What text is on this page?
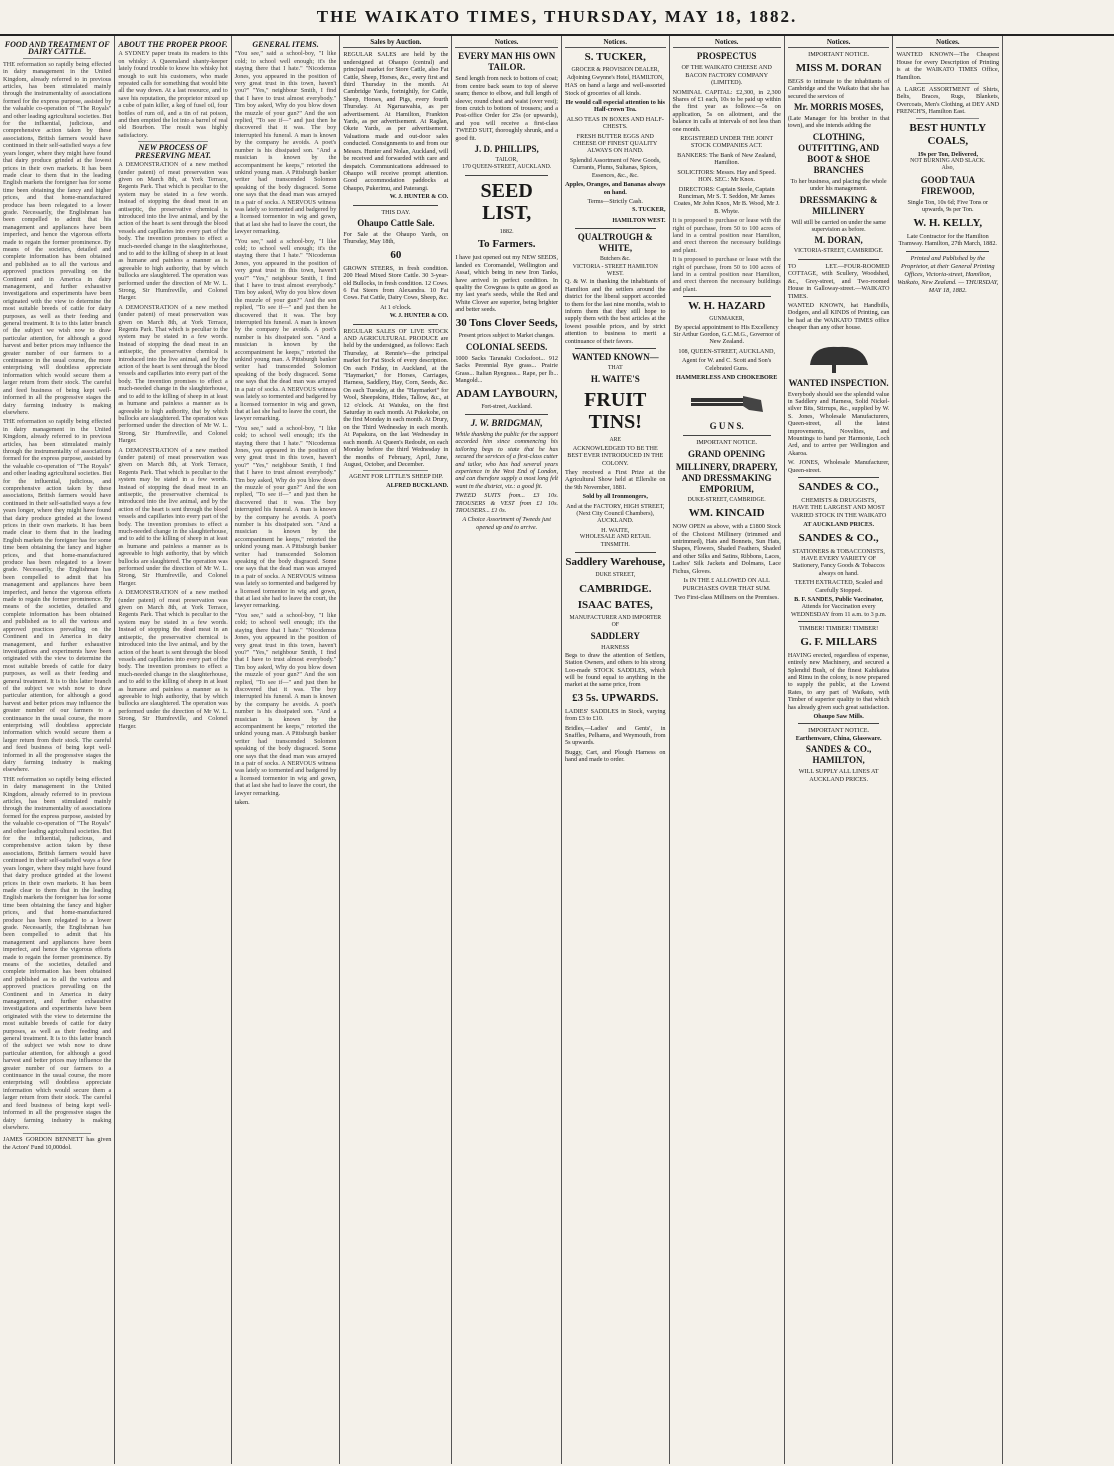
THE WAIKATO TIMES, THURSDAY, MAY 18, 1882.
FOOD AND TREATMENT OF DAIRY CATTLE.

THE reformation so rapidly being effected in dairy management in the United Kingdom, already referred to in previous articles, has been stimulated mainly through the instrumentality of associations formed for the express purpose, assisted by the valuable co-operation of "The Royals" and other leading agricultural societies. But for the influential, judicious, and comprehensive action taken by these associations, British farmers would have continued in their self-satisfied ways a few years longer, where they might have found that dairy produce grinded at the lowest prices in their own markets. It has been made clear to them that in the leading English markets the foreigner has for some time been obtaining the fancy and higher prices, and that home-manufactured produce has been relegated to a lower grade. Necessarily, the Englishman has been compelled to admit that his management and appliances have been imperfect, and hence the vigorous efforts made to regain the former prominence. By means of the societies, detailed and complete information has been obtained and published as to all the various and approved practices prevailing on the Continent and in America in dairy management, and further exhaustive investigations and experiments have been originated with the view to determine the most suitable breeds of cattle for dairy purposes, as well as their feeding and general treatment. It is to this latter branch of the subject we wish now to draw particular attention, for although a good harvest and better prices may influence the greater number of our farmers to a continuance in the usual course, the more enterprising will doubtless appreciate information which would secure them a larger return from their stock. The careful and feed business of being kept well-informed in all the progressive stages the dairy farming industry is making elsewhere.

THE reformation so rapidly being effected in dairy management in the United Kingdom, already referred to in previous articles, has been stimulated mainly through the instrumentality of associations formed for the express purpose, assisted by the valuable co-operation of "The Royals" and other leading agricultural societies. But for the influential, judicious, and comprehensive action taken by these associations, British farmers would have continued in their self-satisfied ways a few years longer, where they might have found that dairy produce grinded at the lowest prices in their own markets. It has been made clear to them that in the leading English markets the foreigner has for some time been obtaining the fancy and higher prices, and that home-manufactured produce has been relegated to a lower grade. Necessarily, the Englishman has been compelled to admit that his management and appliances have been imperfect, and hence the vigorous efforts made to regain the former prominence. By means of the societies, detailed and complete information has been obtained and published as to all the various and approved practices prevailing on the Continent and in America in dairy management, and further exhaustive investigations and experiments have been originated with the view to determine the most suitable breeds of cattle for dairy purposes, as well as their feeding and general treatment. It is to this latter branch of the subject we wish now to draw particular attention, for although a good harvest and better prices may influence the greater number of our farmers to a continuance in the usual course, the more enterprising will doubtless appreciate information which would secure them a larger return from their stock. The careful and feed business of being kept well-informed in all the progressive stages the dairy farming industry is making elsewhere.

THE reformation so rapidly being effected in dairy management in the United Kingdom, already referred to in previous articles, has been stimulated mainly through the instrumentality of associations formed for the express purpose, assisted by the valuable co-operation of "The Royals" and other leading agricultural societies. But for the influential, judicious, and comprehensive action taken by these associations, British farmers would have continued in their self-satisfied ways a few years longer, where they might have found that dairy produce grinded at the lowest prices in their own markets. It has been made clear to them that in the leading English markets the foreigner has for some time been obtaining the fancy and higher prices, and that home-manufactured produce has been relegated to a lower grade. Necessarily, the Englishman has been compelled to admit that his management and appliances have been imperfect, and hence the vigorous efforts made to regain the former prominence. By means of the societies, detailed and complete information has been obtained and published as to all the various and approved practices prevailing on the Continent and in America in dairy management, and further exhaustive investigations and experiments have been originated with the view to determine the most suitable breeds of cattle for dairy purposes, as well as their feeding and general treatment. It is to this latter branch of the subject we wish now to draw particular attention, for although a good harvest and better prices may influence the greater number of our farmers to a continuance in the usual course, the more enterprising will doubtless appreciate information which would secure them a larger return from their stock. The careful and feed business of being kept well-informed in all the progressive stages the dairy farming industry is making elsewhere.

JAMES GORDON BENNETT has given the Actors' Fund 10,000dol.

ABOUT THE PROPER PROOF.

A SYDNEY paper treats its readers to this on whisky: A Queensland shanty-keeper lately found trouble to know his whisky hot enough to suit his customers, who made repeated calls for something that would bite all the way down. At a last resource, and to save his reputation, the proprietor mixed up a cube of pain killer, a keg of fusel oil, four bottles of rum oil, and a tin of rat poison, and then emptied the lot into a barrel of real old Bourbon. The result was highly satisfactory.

NEW PROCESS OF PRESERVING MEAT.

A DEMONSTRATION of a new method (under patent) of meat preservation was given on March 8th, at York Terrace, Regents Park. That which is peculiar to the system may be stated in a few words. Instead of stopping the dead meat in an antiseptic, the preservative chemical is introduced into the live animal, and by the action of the heart is sent through the blood vessels and capillaries into every part of the body. The invention promises to effect a much-needed change in the slaughterhouse, and to add to the killing of sheep in at least as humane and painless a manner as is agreeable to high authority, that by which bullocks are slaughtered. The operation was performed under the direction of Mr W. L. Strong, Sir Humfreville, and Colonel Harger.

A DEMONSTRATION of a new method (under patent) of meat preservation was given on March 8th, at York Terrace, Regents Park. That which is peculiar to the system may be stated in a few words. Instead of stopping the dead meat in an antiseptic, the preservative chemical is introduced into the live animal, and by the action of the heart is sent through the blood vessels and capillaries into every part of the body. The invention promises to effect a much-needed change in the slaughterhouse, and to add to the killing of sheep in at least as humane and painless a manner as is agreeable to high authority, that by which bullocks are slaughtered. The operation was performed under the direction of Mr W. L. Strong, Sir Humfreville, and Colonel Harger.

A DEMONSTRATION of a new method (under patent) of meat preservation was given on March 8th, at York Terrace, Regents Park. That which is peculiar to the system may be stated in a few words. Instead of stopping the dead meat in an antiseptic, the preservative chemical is introduced into the live animal, and by the action of the heart is sent through the blood vessels and capillaries into every part of the body. The invention promises to effect a much-needed change in the slaughterhouse, and to add to the killing of sheep in at least as humane and painless a manner as is agreeable to high authority, that by which bullocks are slaughtered. The operation was performed under the direction of Mr W. L. Strong, Sir Humfreville, and Colonel Harger.

A DEMONSTRATION of a new method (under patent) of meat preservation was given on March 8th, at York Terrace, Regents Park. That which is peculiar to the system may be stated in a few words. Instead of stopping the dead meat in an antiseptic, the preservative chemical is introduced into the live animal, and by the action of the heart is sent through the blood vessels and capillaries into every part of the body. The invention promises to effect a much-needed change in the slaughterhouse, and to add to the killing of sheep in at least as humane and painless a manner as is agreeable to high authority, that by which bullocks are slaughtered. The operation was performed under the direction of Mr W. L. Strong, Sir Humfreville, and Colonel Harger.

GENERAL ITEMS.

"You see," said a school-boy, "I like cold; to school well enough; it's the staying there that I hate." "Nicodemus Jones, you appeared in the position of very great trust in this town, haven't you?" "Yes," neighbour Smith, I find that I have to trust almost everybody." Tim boy asked, Why do you blow down the muzzle of your gun?" And the son replied, "To see if—" and just then he discovered that it was. The boy interrupted his funeral. A man is known by the company he avoids. A poet's number is his dissipated son. "And a musician is known by the accompaniment he keeps," retorted the unkind young man. A Pittsburgh banker writer had transcended Solomon speaking of the body disgraced. Some one says that the dead man was arrayed in a pair of socks. A NERVOUS witness was lately so tormented and badgered by a licensed tormentor in wig and gown, that at last she had to leave the court, the lawyer remarking.

"You see," said a school-boy, "I like cold; to school well enough; it's the staying there that I hate." "Nicodemus Jones, you appeared in the position of very great trust in this town, haven't you?" "Yes," neighbour Smith, I find that I have to trust almost everybody." Tim boy asked, Why do you blow down the muzzle of your gun?" And the son replied, "To see if—" and just then he discovered that it was. The boy interrupted his funeral. A man is known by the company he avoids. A poet's number is his dissipated son. "And a musician is known by the accompaniment he keeps," retorted the unkind young man. A Pittsburgh banker writer had transcended Solomon speaking of the body disgraced. Some one says that the dead man was arrayed in a pair of socks. A NERVOUS witness was lately so tormented and badgered by a licensed tormentor in wig and gown, that at last she had to leave the court, the lawyer remarking.

"You see," said a school-boy, "I like cold; to school well enough; it's the staying there that I hate." "Nicodemus Jones, you appeared in the position of very great trust in this town, haven't you?" "Yes," neighbour Smith, I find that I have to trust almost everybody." Tim boy asked, Why do you blow down the muzzle of your gun?" And the son replied, "To see if—" and just then he discovered that it was. The boy interrupted his funeral. A man is known by the company he avoids. A poet's number is his dissipated son. "And a musician is known by the accompaniment he keeps," retorted the unkind young man. A Pittsburgh banker writer had transcended Solomon speaking of the body disgraced. Some one says that the dead man was arrayed in a pair of socks. A NERVOUS witness was lately so tormented and badgered by a licensed tormentor in wig and gown, that at last she had to leave the court, the lawyer remarking.

"You see," said a school-boy, "I like cold; to school well enough; it's the staying there that I hate." "Nicodemus Jones, you appeared in the position of very great trust in this town, haven't you?" "Yes," neighbour Smith, I find that I have to trust almost everybody." Tim boy asked, Why do you blow down the muzzle of your gun?" And the son replied, "To see if—" and just then he discovered that it was. The boy interrupted his funeral. A man is known by the company he avoids. A poet's number is his dissipated son. "And a musician is known by the accompaniment he keeps," retorted the unkind young man. A Pittsburgh banker writer had transcended Solomon speaking of the body disgraced. Some one says that the dead man was arrayed in a pair of socks. A NERVOUS witness was lately so tormented and badgered by a licensed tormentor in wig and gown, that at last she had to leave the court, the lawyer remarking.

taken.

Sales by Auction.

REGULAR SALES are held by the undersigned at Ohaupo (central) and principal market for Store Cattle, also Fat Cattle, Sheep, Horses, &c., every first and third Thursday in the month. At Cambridge Yards, fortnightly, for Cattle, Sheep, Horses, and Pigs, every fourth Thursday. At Ngaruawahia, as per advertisement. At Hamilton, Frankton Yards, as per advertisement. At Raglan, Okete Yards, as per advertisement. Valuations made and out-door sales conducted. Consignments to and from our Messrs. Hunter and Nolan, Auckland, will be received and forwarded with care and despatch. Communications addressed to Ohaupo will receive prompt attention. Good accommodation paddocks at Ohaupo, Pukerimu, and Paterangi.

W. J. HUNTER & CO.
THIS DAY.
Ohaupo Cattle Sale.

For Sale at the Ohaupo Yards, on Thursday, May 18th,

60

GROWN STEERS, in fresh condition. 200 Head Mixed Store Cattle. 30 3-year-old Bullocks, in fresh condition. 12 Cows. 6 Fat Steers from Alexandra. 10 Fat Cows. Fat Cattle, Dairy Cows, Sheep, &c.

At 1 o'clock.
W. J. HUNTER & CO.

REGULAR SALES OF LIVE STOCK AND AGRICULTURAL PRODUCE are held by the undersigned, as follows: Each Thursday, at Rennie's—the principal market for Fat Stock of every description. On each Friday, in Auckland, at the "Haymarket," for Horses, Carriages, Harness, Saddlery, Hay, Corn, Seeds, &c. On each Tuesday, at the "Haymarket" for Wool, Sheepskins, Hides, Tallow, &c., at 12 o'clock. At Waiuku, on the first Saturday in each month. At Pukekohe, on the first Monday in each month. At Drury, on the Third Wednesday in each month. At Papakura, on the last Wednesday in each month. At Queen's Redoubt, on each Monday before the third Wednesday in the months of February, April, June, August, October, and December.

AGENT FOR LITTLE'S SHEEP DIP.
ALFRED BUCKLAND.
Notices.
EVERY MAN HIS OWN TAILOR.

Send length from neck to bottom of coat; from centre back seam to top of sleeve seam; thence to elbow, and full length of sleeve; round chest and waist (over vest); from crutch to bottom of trousers; and a Post-office Order for 25s (or upwards), and you will receive a first-class TWEED SUIT, thoroughly shrunk, and a good fit.

J. D. PHILLIPS,
TAILOR,
170 QUEEN-STREET, AUCKLAND.
SEED LIST,
1882.
To Farmers.

I have just opened out my NEW SEEDS, landed ex Coromandel, Wellington and Assaf, which being in new Iron Tanks, have arrived in perfect condition. In quality the Cowgrass is quite as good as my last year's seeds, while the Red and White Clover are superior, being brighter and better seeds.

30 Tons Clover Seeds,
Present prices subject to Market changes.
COLONIAL SEEDS.

1000 Sacks Taranaki Cocksfoot... 912 Sacks Perennial Rye grass... Prairie Grass... Italian Ryegrass... Rape, per lb... Mangold...

ADAM LAYBOURN,
Fort-street, Auckland.
J. W. BRIDGMAN,

While thanking the public for the support accorded him since commencing his tailoring begs to state that he has secured the services of a first-class cutter and tailor, who has had several years experience in the West End of London, and can therefore supply a most long felt want in the district, viz.: a good fit.

TWEED SUITS from... £3 10s. TROUSERS & VEST from £1 10s. TROUSERS... £1 0s.

A Choice Assortment of Tweeds just opened up and to arrive.

Notices.
S. TUCKER,
GROCER & PROVISION DEALER,
Adjoining Gwynne's Hotel, HAMILTON,

HAS on hand a large and well-assorted Stock of groceries of all kinds.

He would call especial attention to his Half-crown Tea.

ALSO TEAS IN BOXES AND HALF-CHESTS.

FRESH BUTTER EGGS AND CHEESE OF FINEST QUALITY ALWAYS ON HAND.

Splendid Assortment of New Goods, Currants, Plums, Sultanas, Spices, Essences, &c., &c.

Apples, Oranges, and Bananas always on hand.

Terms—Strictly Cash.

S. TUCKER,
HAMILTON WEST.
QUALTROUGH & WHITE,
Butchers &c.
VICTORIA - STREET HAMILTON WEST.

Q. & W. in thanking the inhabitants of Hamilton and the settlers around the district for the liberal support accorded to them for the last nine months, wish to inform them that they still hope to supply them with the best articles at the lowest possible prices, and by strict attention to business to merit a continuance of their favors.

WANTED KNOWN—
THAT
H. WAITE'S
FRUIT TINS!
ARE

ACKNOWLEDGED TO BE THE BEST EVER INTRODUCED IN THE COLONY.

They received a First Prize at the Agricultural Show held at Ellerslie on the 9th November, 1881.

Sold by all Ironmongers,

And at the FACTORY, HIGH STREET, (Next City Council Chambers), AUCKLAND.

H. WAITE,
WHOLESALE AND RETAIL TINSMITH.
Saddlery Warehouse,
DUKE STREET,
CAMBRIDGE.
ISAAC BATES,
MANUFACTURER AND IMPORTER OF
SADDLERY
HARNESS

Begs to draw the attention of Settlers, Station Owners, and others to his strong Loo-made STOCK SADDLES, which will be found equal to anything in the market at the same price, from

£3 5s. UPWARDS.

LADIES' SADDLES in Stock, varying from £3 to £10.

Bridles,—Ladies' and Gents', in Snaffles, Pelhams, and Weymouth, from 5s upwards.

Buggy, Cart, and Plough Harness on hand and made to order.

Notices.
PROSPECTUS

OF THE WAIKATO CHEESE AND BACON FACTORY COMPANY (LIMITED).

NOMINAL CAPITAL: £2,300, in 2,300 Shares of £1 each, 10s to be paid up within the first year as follows:—5s on application, 5s on allotment, and the balance in calls at intervals of not less than one month.

REGISTERED UNDER THE JOINT STOCK COMPANIES ACT.

BANKERS: The Bank of New Zealand, Hamilton.

SOLICITORS: Messrs. Hay and Speed. HON. SEC.: Mr Knox.

DIRECTORS: Captain Steele, Captain Runciman, Mr S. T. Seddon, Mr James Coates, Mr John Knox, Mr B. Wood, Mr J. B. Whyte.

It is proposed to purchase or lease with the right of purchase, from 50 to 100 acres of land in a central position near Hamilton, and erect thereon the necessary buildings and plant.

It is proposed to purchase or lease with the right of purchase, from 50 to 100 acres of land in a central position near Hamilton, and erect thereon the necessary buildings and plant.

W. H. HAZARD
GUNMAKER,

By special appointment to His Excellency Sir Arthur Gordon, G.C.M.G., Governor of New Zealand.

108, QUEEN-STREET, AUCKLAND,

Agent for W. and C. Scott and Son's Celebrated Guns.

HAMMERLESS AND CHOKEBORE

G U N S.
IMPORTANT NOTICE.
GRAND OPENING
MILLINERY, DRAPERY, AND DRESSMAKING EMPORIUM,
DUKE-STREET, CAMBRIDGE.
WM. KINCAID

NOW OPEN as above, with a £1800 Stock of the Choicest Millinery (trimmed and untrimmed), Hats and Bonnets, Sun Hats, Shapes, Flowers, Shaded Feathers, Shaded and other Silks and Satins, Ribbons, Laces, Ladies' Silk Jackets and Dolmans, Lace Fichus, Gloves.

Is IN THE £ ALLOWED ON ALL PURCHASES OVER THAT SUM.

Two First-class Milliners on the Premises.

Notices.
IMPORTANT NOTICE.
MISS M. DORAN

BEGS to intimate to the inhabitants of Cambridge and the Waikato that she has secured the services of

Mr. MORRIS MOSES,

(Late Manager for his brother in that town), and she intends adding the

CLOTHING, OUTFITTING, AND BOOT & SHOE BRANCHES

To her business, and placing the whole under his management.

DRESSMAKING & MILLINERY

Will still be carried on under the same supervision as before.

M. DORAN,
VICTORIA-STREET, CAMBRIDGE.

TO LET.—FOUR-ROOMED COTTAGE, with Scullery, Woodshed, &c., Grey-street, and Two-roomed House in Galloway-street.—WAIKATO TIMES.

WANTED KNOWN, hat Handbills, Dodgers, and all KINDS of Printing, can be had at the WAIKATO TIMES office cheaper than any other house.

WANTED INSPECTION.

Everybody should see the splendid value in Saddlery and Harness, Solid Nickel-silver Bits, Stirrups, &c., supplied by W. S. Jones, Wholesale Manufacturers, Queen-street, all the latest improvements, Novelties, and Mountings to hand per Harmonie, Loch Ard, and to arrive per Wellington and Akaroa.

W. JONES, Wholesale Manufacturer, Queen-street.

SANDES & CO.,
CHEMISTS & DRUGGISTS,

HAVE THE LARGEST AND MOST VARIED STOCK IN THE WAIKATO

AT AUCKLAND PRICES.
SANDES & CO.,
STATIONERS & TOBACCONISTS,

HAVE EVERY VARIETY OF Stationery, Fancy Goods & Tobaccos always on hand.

TEETH EXTRACTED, Scaled and Carefully Stopped.

B. F. SANDES, Public Vaccinator,

Attends for Vaccination every WEDNESDAY from 11 a.m. to 3 p.m.

TIMBER! TIMBER! TIMBER!
G. F. MILLARS

HAVING erected, regardless of expense, entirely new Machinery, and secured a Splendid Bush, of the finest Kahikatea and Rimu in the colony, is now prepared to supply the public, at the Lowest Rates, to any part of Waikato, with Timber of superior quality to that which has already given such great satisfaction.

Ohaupo Saw Mills.
IMPORTANT NOTICE.
Earthenware, China, Glassware.
SANDES & CO., HAMILTON,

WILL SUPPLY ALL LINES AT AUCKLAND PRICES.

Notices.

WANTED KNOWN—The Cheapest House for every Description of Printing is at the WAIKATO TIMES Office, Hamilton.

A LARGE ASSORTMENT of Shirts, Belts, Braces, Rugs, Blankets, Overcoats, Men's Clothing, at DEY AND FRENCH'S, Hamilton East.

BEST HUNTLY COALS,
19s per Ton, Delivered,
NOT BURNING AND SLACK.
Also,
GOOD TAUA FIREWOOD,

Single Ton, 10s 6d; Five Tons or upwards, 9s per Ton.

W. H. KELLY,

Late Contractor for the Hamilton Tramway. Hamilton, 27th March, 1882.

Printed and Published by the Proprietor, at their General Printing Offices, Victoria-street, Hamilton, Waikato, New Zealand. — THURSDAY, MAY 18, 1882.
